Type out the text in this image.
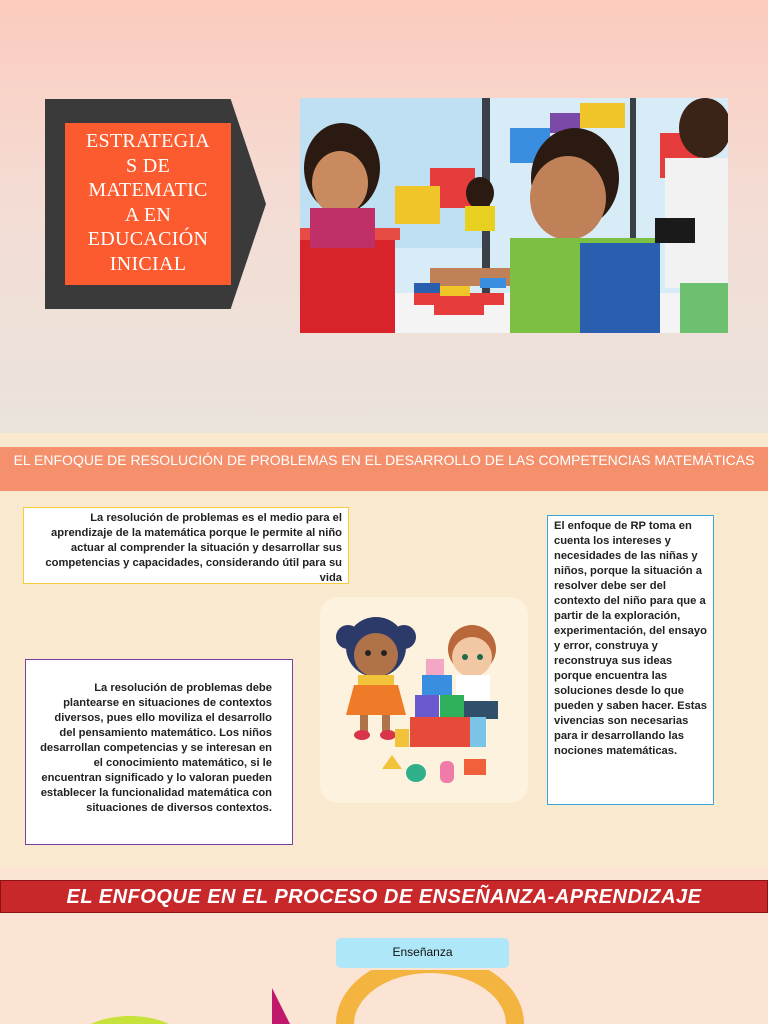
ESTRATEGIA
S DE
MATEMATIC
A EN
EDUCACIÓN
INICIAL
EL ENFOQUE DE RESOLUCIÓN DE PROBLEMAS EN EL DESARROLLO DE LAS COMPETENCIAS MATEMÁTICAS
La resolución de problemas es el medio para el aprendizaje de la matemática porque le permite al niño actuar al comprender la situación y desarrollar sus competencias y capacidades, considerando útil para su vida
La resolución de problemas debe plantearse en situaciones de contextos diversos, pues ello moviliza el desarrollo del pensamiento matemático. Los niños desarrollan competencias y se interesan en el conocimiento matemático, si le encuentran significado y lo valoran pueden establecer la funcionalidad matemática con situaciones de diversos contextos.
El enfoque de RP toma en cuenta los intereses y necesidades de las niñas y niños, porque la situación a resolver debe ser del contexto del niño para que a partir de la exploración, experimentación, del ensayo y error, construya y reconstruya sus ideas porque encuentra las soluciones desde lo que pueden y saben hacer. Estas vivencias son necesarias para ir desarrollando las nociones matemáticas.
EL ENFOQUE EN EL PROCESO DE ENSEÑANZA-APRENDIZAJE
Enseñanza
